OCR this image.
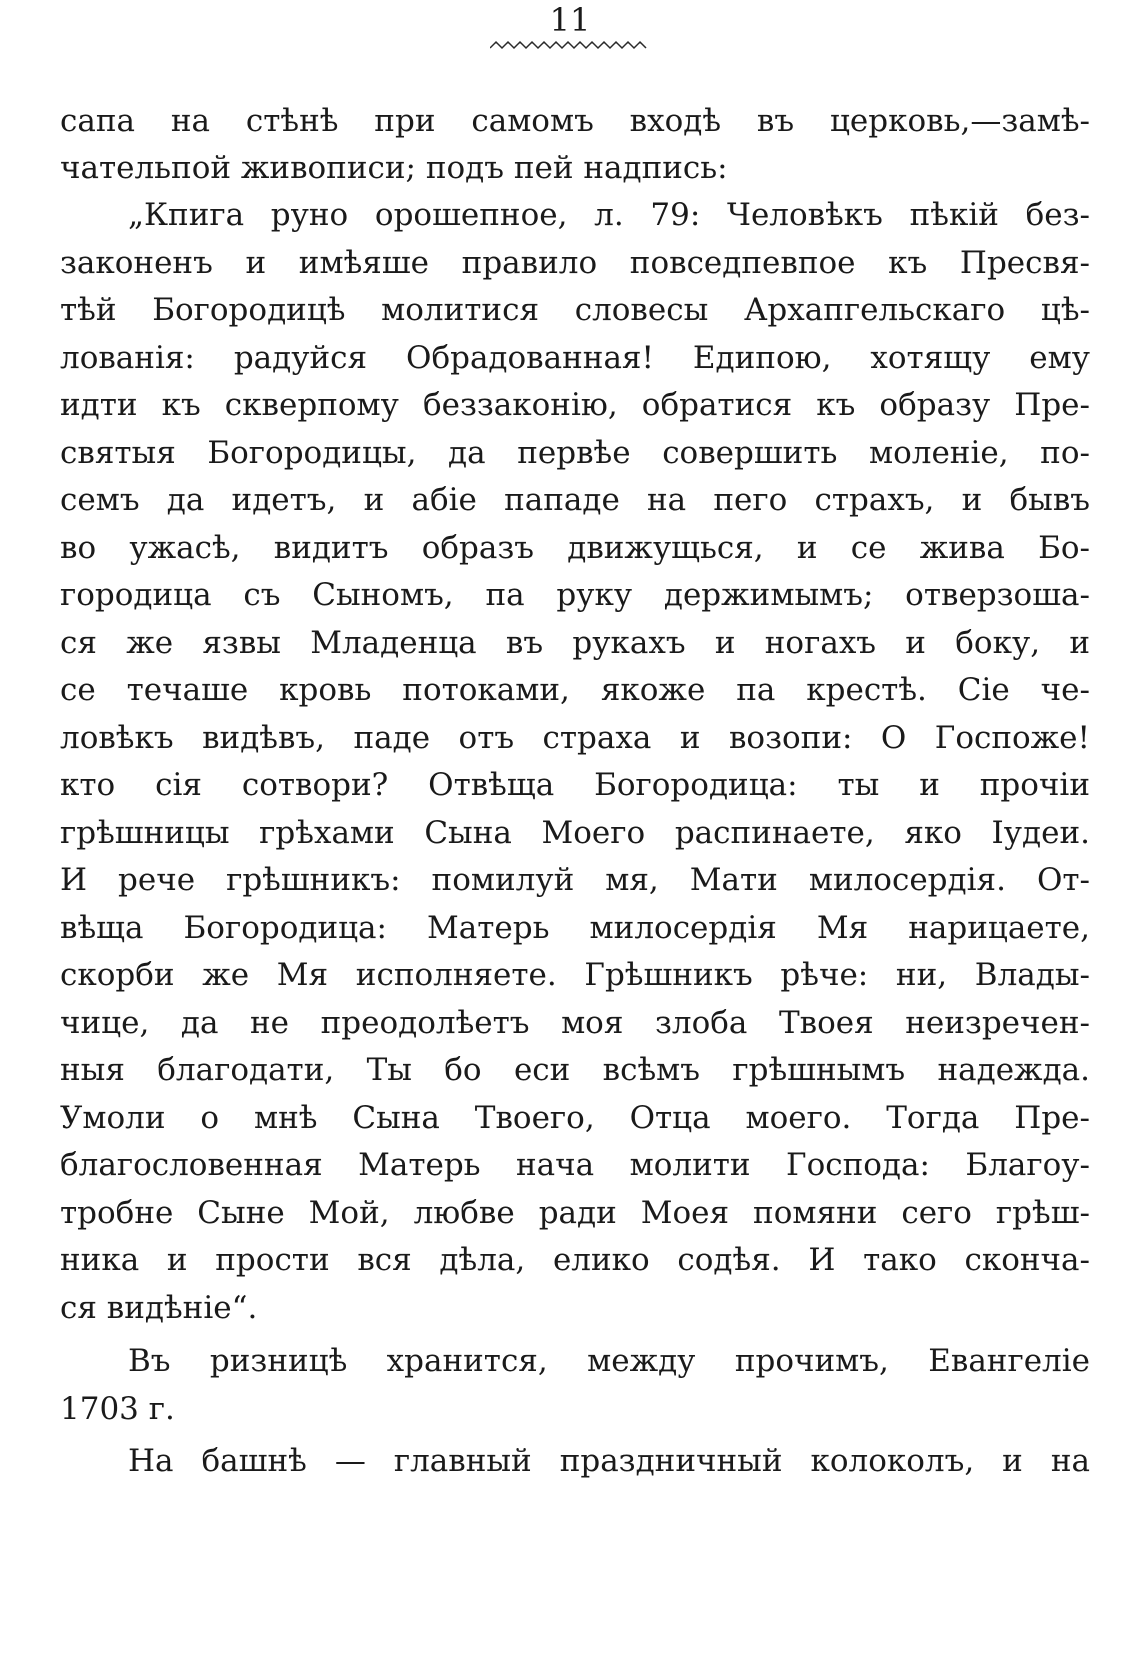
11
сапа на стѣнѣ при самомъ входѣ въ церковь,—замѣ-
чательпой живописи; подъ пей надпись:
„Кпига руно орошепное, л. 79: Человѣкъ пѣкій без-
законенъ и имѣяше правило повседпевпое къ Пресвя-
тѣй Богородицѣ молитися словесы Архапгельскаго цѣ-
лованія: радуйся Обрадованная! Едипою, хотящу ему
идти къ скверпому беззаконію, обратися къ образу Пре-
святыя Богородицы, да первѣе совершить моленіе, по-
семъ да идетъ, и абіе пападе на пего страхъ, и бывъ
во ужасѣ, видитъ образъ движущься, и се жива Бо-
городица съ Сыномъ, па руку держимымъ; отверзоша-
ся же язвы Младенца въ рукахъ и ногахъ и боку, и
се течаше кровь потоками, якоже па крестѣ. Сіе че-
ловѣкъ видѣвъ, паде отъ страха и возопи: О Госпоже!
кто сія сотвори? Отвѣща Богородица: ты и прочіи
грѣшницы грѣхами Сына Моего распинаете, яко Іудеи.
И рече грѣшникъ: помилуй мя, Мати милосердія. От-
вѣща Богородица: Матерь милосердія Мя нарицаете,
скорби же Мя исполняете. Грѣшникъ рѣче: ни, Влады-
чице, да не преодолѣетъ моя злоба Твоея неизречен-
ныя благодати, Ты бо еси всѣмъ грѣшнымъ надежда.
Умоли о мнѣ Сына Твоего, Отца моего. Тогда Пре-
благословенная Матерь нача молити Господа: Благоу-
тробне Сыне Мой, любве ради Моея помяни сего грѣш-
ника и прости вся дѣла, елико содѣя. И тако скончa-
ся видѣніе“.
Въ ризницѣ хранится, между прочимъ, Евангеліе
1703 г.
На башнѣ — главный праздничный колоколъ, и на
